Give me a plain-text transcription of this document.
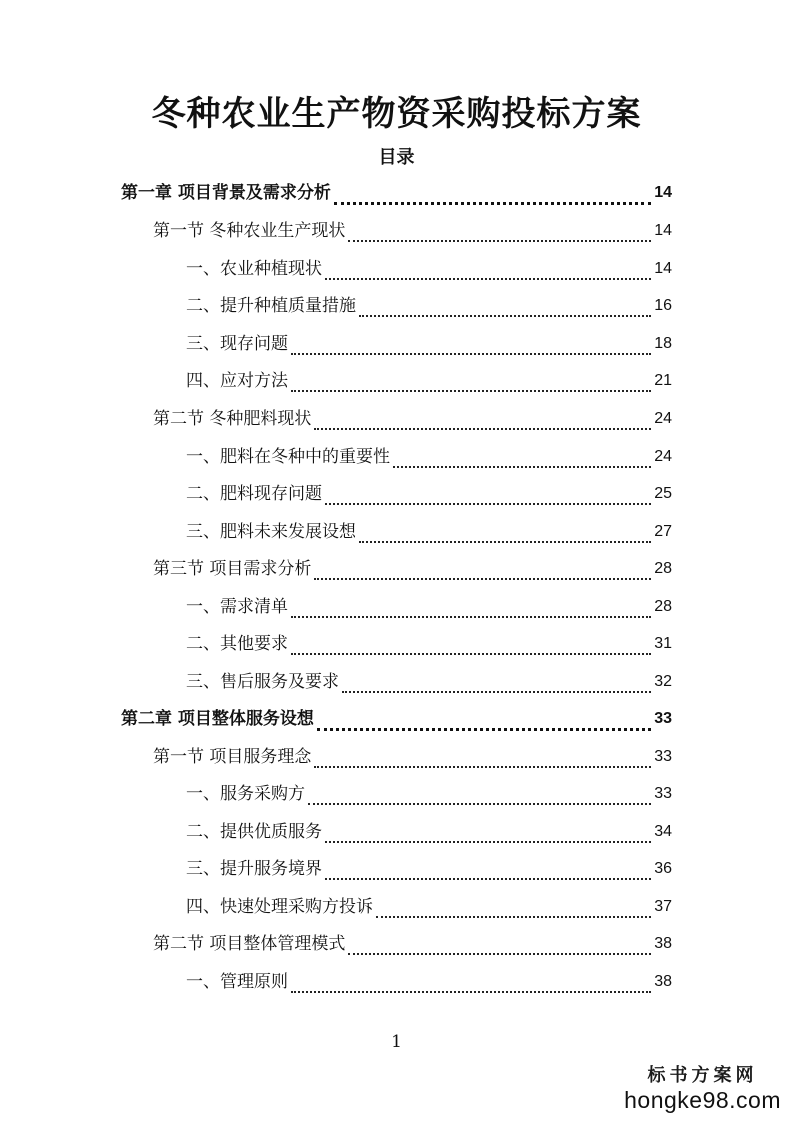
冬种农业生产物资采购投标方案
目录
第一章 项目背景及需求分析	14
第一节 冬种农业生产现状	14
一、农业种植现状	14
二、提升种植质量措施	16
三、现存问题	18
四、应对方法	21
第二节 冬种肥料现状	24
一、肥料在冬种中的重要性	24
二、肥料现存问题	25
三、肥料未来发展设想	27
第三节 项目需求分析	28
一、需求清单	28
二、其他要求	31
三、售后服务及要求	32
第二章 项目整体服务设想	33
第一节 项目服务理念	33
一、服务采购方	33
二、提供优质服务	34
三、提升服务境界	36
四、快速处理采购方投诉	37
第二节 项目整体管理模式	38
一、管理原则	38
1
标书方案网
hongke98.com
